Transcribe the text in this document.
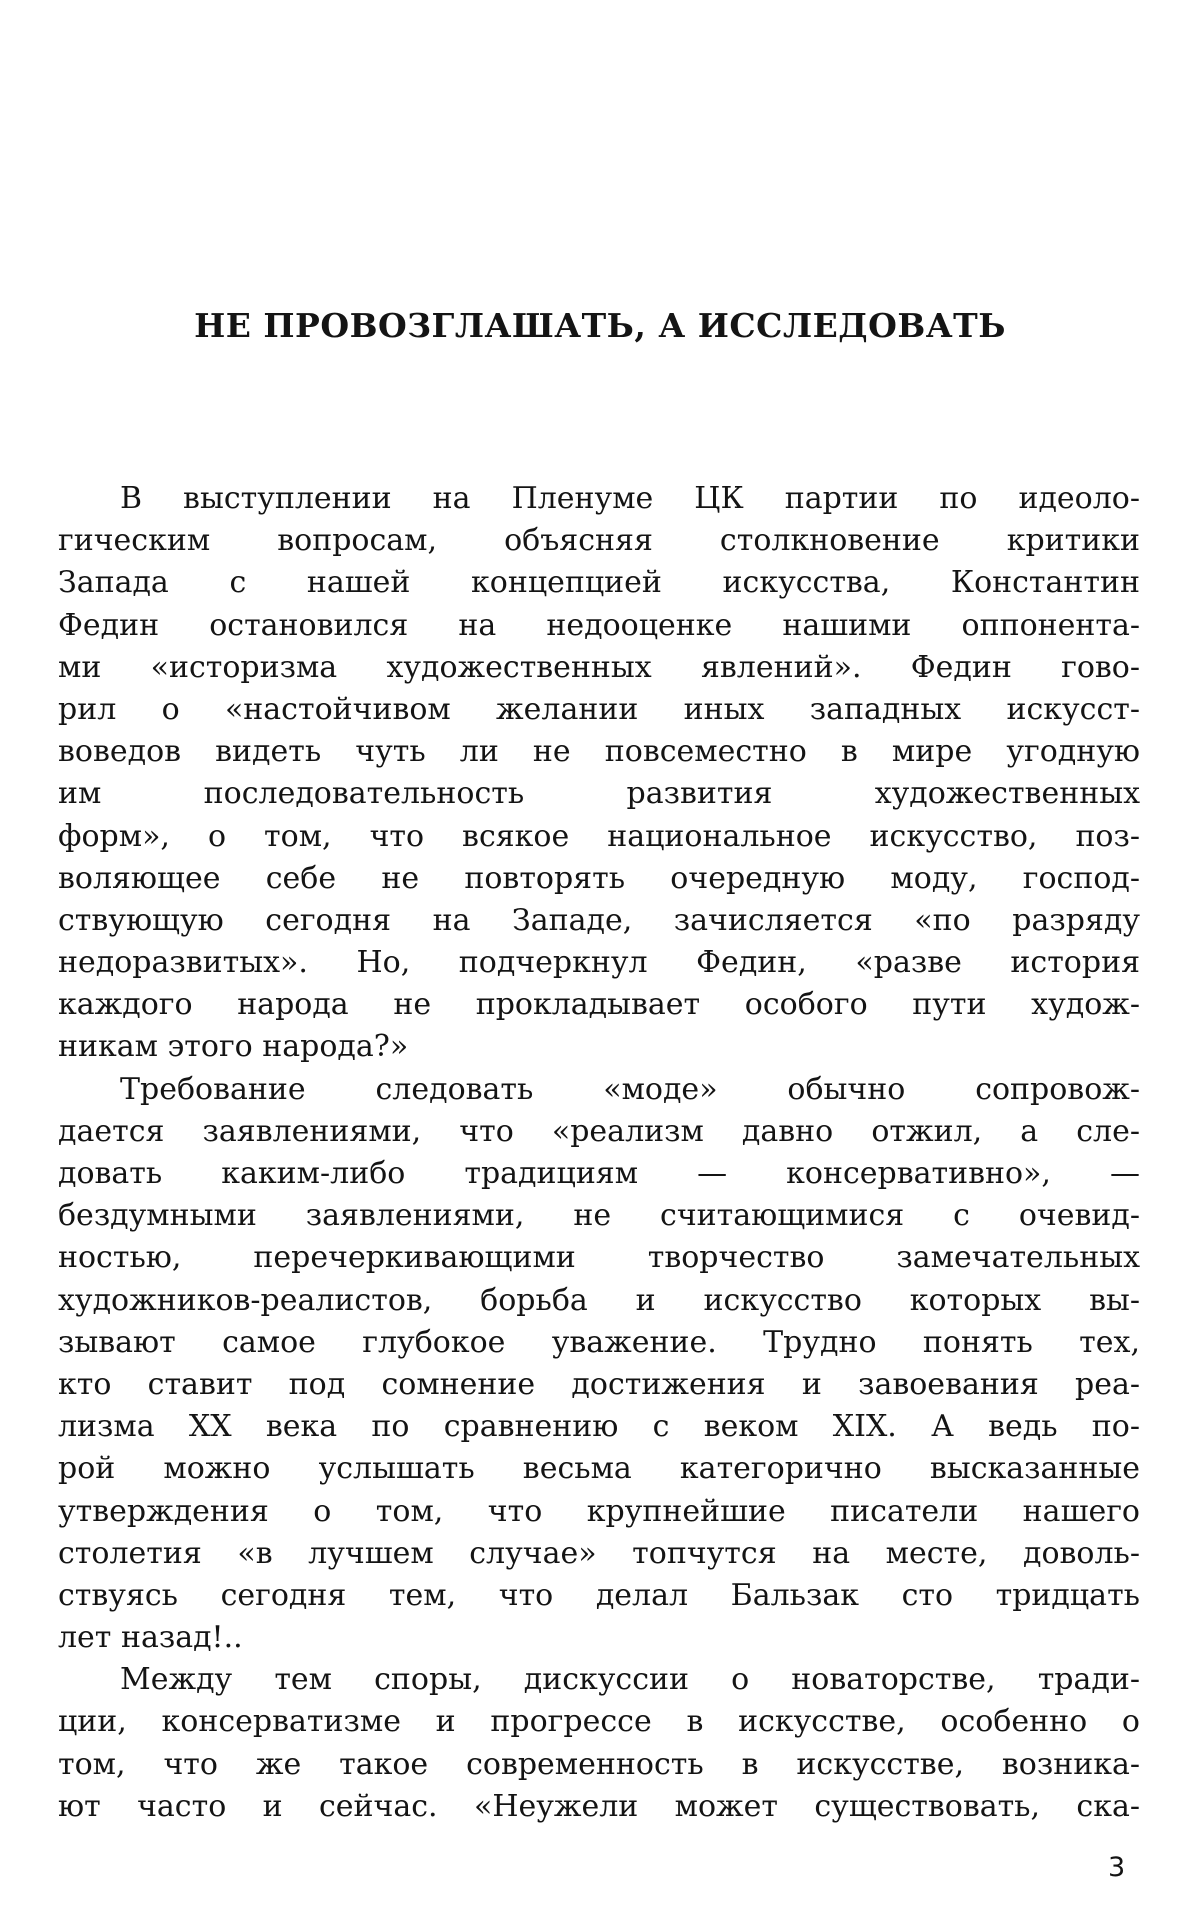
НЕ ПРОВОЗГЛАШАТЬ, А ИССЛЕДОВАТЬ
В выступлении на Пленуме ЦК партии по идеоло-
гическим вопросам, объясняя столкновение критики
Запада с нашей концепцией искусства, Константин
Федин остановился на недооценке нашими оппонента-
ми «историзма художественных явлений». Федин гово-
рил о «настойчивом желании иных западных искусст-
воведов видеть чуть ли не повсеместно в мире угодную
им последовательность развития художественных
форм», о том, что всякое национальное искусство, поз-
воляющее себе не повторять очередную моду, господ-
ствующую сегодня на Западе, зачисляется «по разряду
недоразвитых». Но, подчеркнул Федин, «разве история
каждого народа не прокладывает особого пути худож-
никам этого народа?»
Требование следовать «моде» обычно сопровож-
дается заявлениями, что «реализм давно отжил, а сле-
довать каким-либо традициям — консервативно», —
бездумными заявлениями, не считающимися с очевид-
ностью, перечеркивающими творчество замечательных
художников-реалистов, борьба и искусство которых вы-
зывают самое глубокое уважение. Трудно понять тех,
кто ставит под сомнение достижения и завоевания реа-
лизма XX века по сравнению с веком XIX. А ведь по-
рой можно услышать весьма категорично высказанные
утверждения о том, что крупнейшие писатели нашего
столетия «в лучшем случае» топчутся на месте, доволь-
ствуясь сегодня тем, что делал Бальзак сто тридцать
лет назад!..
Между тем споры, дискуссии о новаторстве, тради-
ции, консерватизме и прогрессе в искусстве, особенно о
том, что же такое современность в искусстве, возника-
ют часто и сейчас. «Неужели может существовать, ска-
3
